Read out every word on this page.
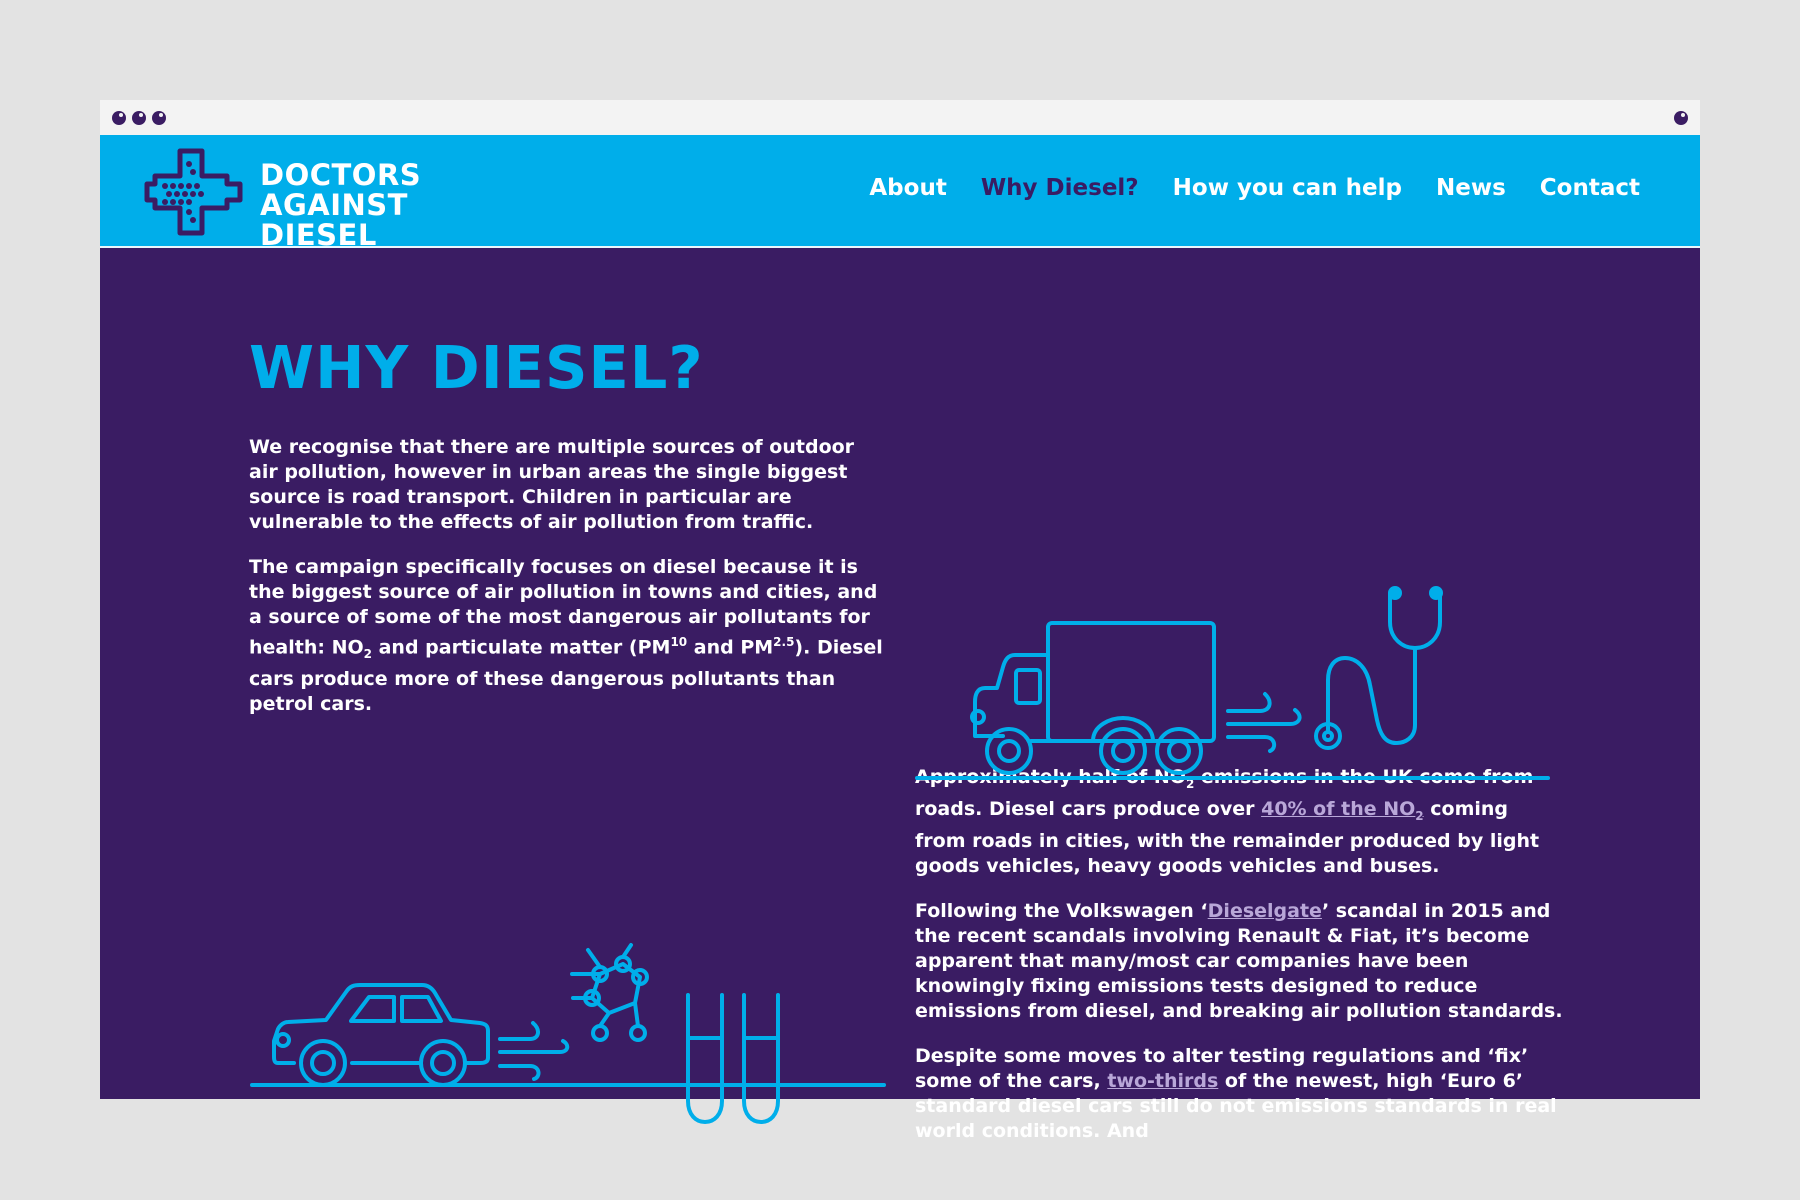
DOCTORS
AGAINST
DIESEL
About Why Diesel? How you can help News Contact
WHY DIESEL?

We recognise that there are multiple sources of outdoor air pollution, however in urban areas the single biggest source is road transport. Children in particular are vulnerable to the effects of air pollution from traffic.

The campaign specifically focuses on diesel because it is the biggest source of air pollution in towns and cities, and a source of some of the most dangerous air pollutants for health: $NO_2$ and particulate matter (PM$^{10}$ and $PM^{2.5}$). Diesel cars produce more of these dangerous pollutants than petrol cars.

Approximately half of $NO_2$ emissions in the UK come from roads. Diesel cars produce over 40% of the $NO_2$ coming from roads in cities, with the remainder produced by light goods vehicles, heavy goods vehicles and buses.

Following the Volkswagen ‘Dieselgate’ scandal in 2015 and the recent scandals involving Renault & Fiat, it’s become apparent that many/most car companies have been knowingly fixing emissions tests designed to reduce emissions from diesel, and breaking air pollution standards.

Despite some moves to alter testing regulations and ‘fix’ some of the cars, two-thirds of the newest, high ‘Euro 6’ standard diesel cars still do not emissions standards in real world conditions. And
